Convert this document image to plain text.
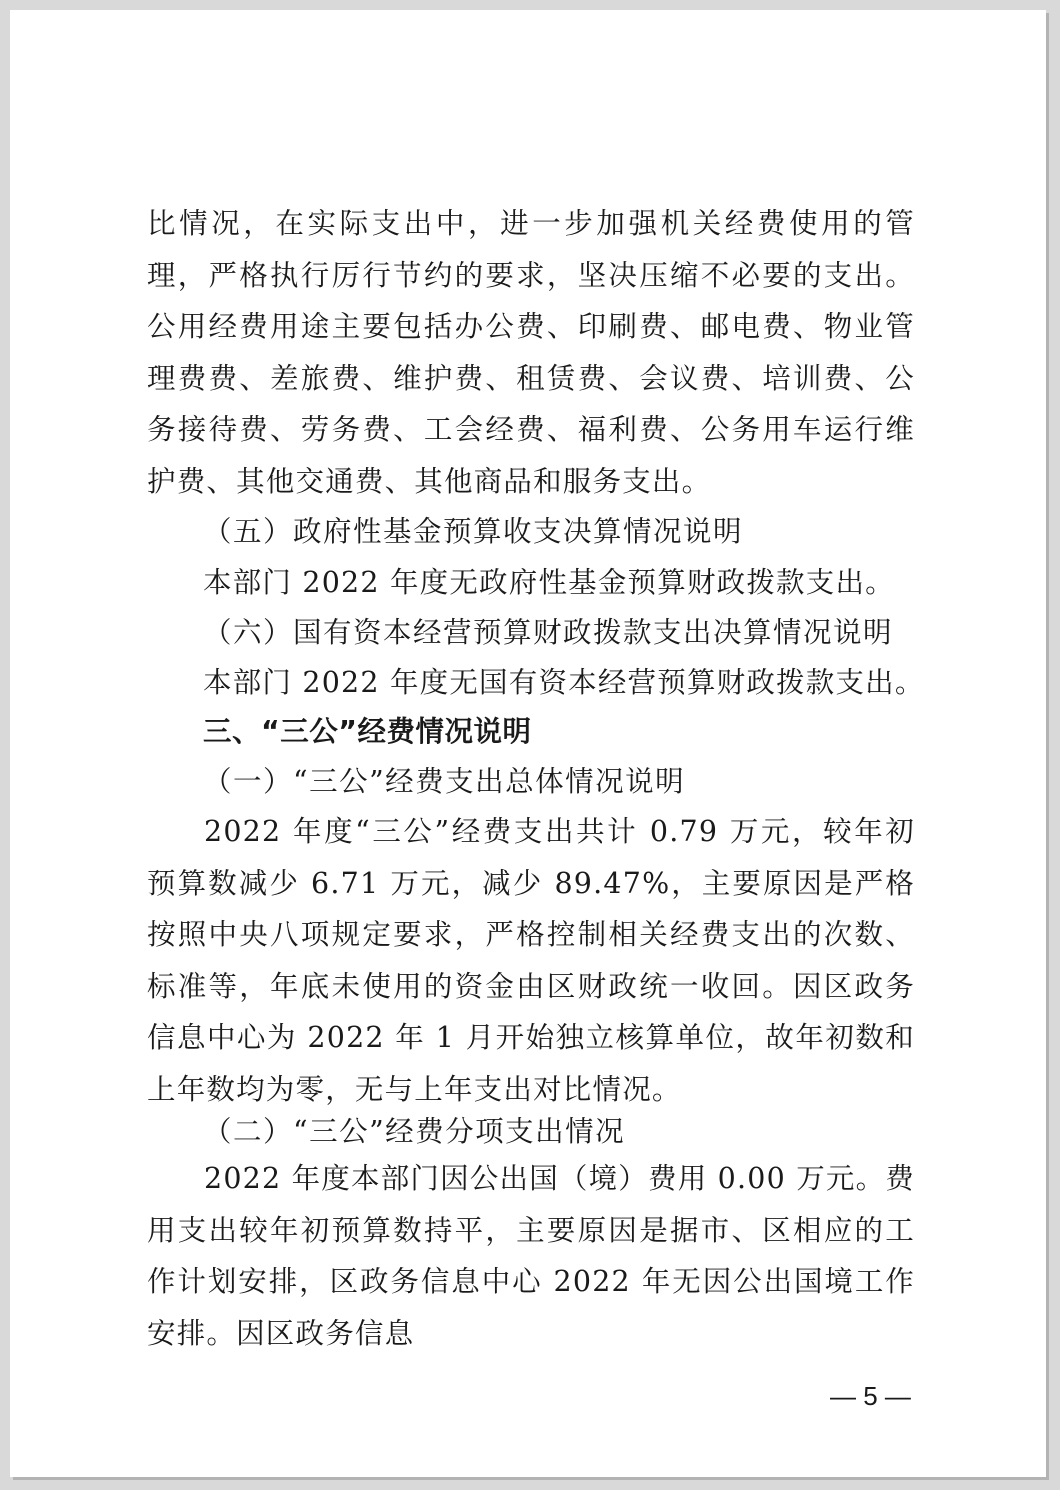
比情况，在实际支出中，进一步加强机关经费使用的管理，严格执行厉行节约的要求，坚决压缩不必要的支出。公用经费用途主要包括办公费、印刷费、邮电费、物业管理费费、差旅费、维护费、租赁费、会议费、培训费、公务接待费、劳务费、工会经费、福利费、公务用车运行维护费、其他交通费、其他商品和服务支出。

（五）政府性基金预算收支决算情况说明
本部门 2022 年度无政府性基金预算财政拨款支出。
（六）国有资本经营预算财政拨款支出决算情况说明
本部门 2022 年度无国有资本经营预算财政拨款支出。
三、“三公”经费情况说明
（一）“三公”经费支出总体情况说明

2022 年度“三公”经费支出共计 0.79 万元，较年初预算数减少 6.71 万元，减少 89.47%，主要原因是严格按照中央八项规定要求，严格控制相关经费支出的次数、标准等，年底未使用的资金由区财政统一收回。因区政务信息中心为 2022 年 1 月开始独立核算单位，故年初数和上年数均为零，无与上年支出对比情况。

（二）“三公”经费分项支出情况

2022 年度本部门因公出国（境）费用 0.00 万元。费用支出较年初预算数持平，主要原因是据市、区相应的工作计划安排，区政务信息中心 2022 年无因公出国境工作安排。因区政务信息

— 5 —
